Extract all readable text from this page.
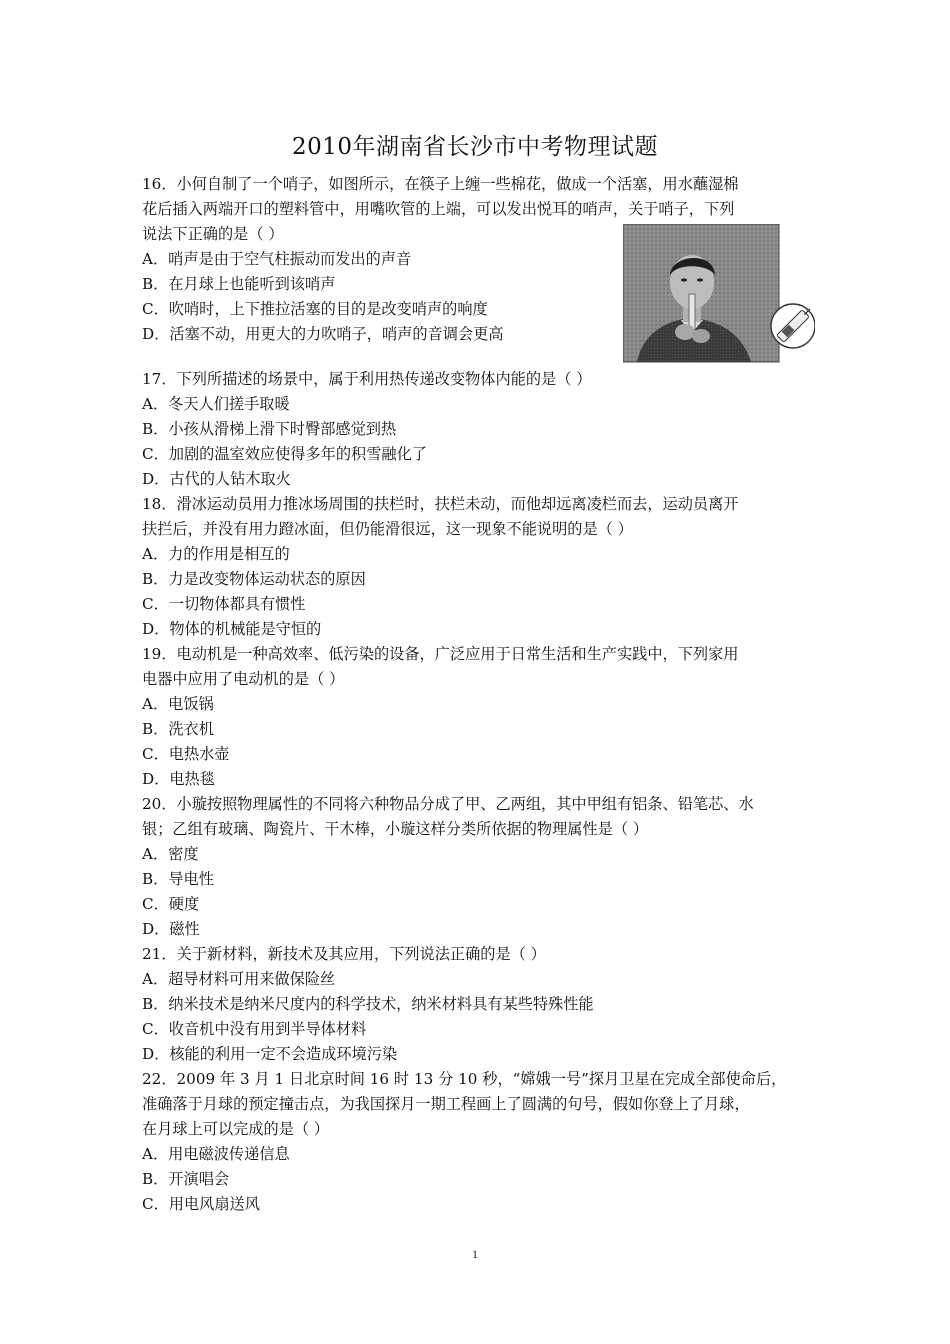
2010年湖南省长沙市中考物理试题

16．小何自制了一个哨子，如图所示，在筷子上缠一些棉花，做成一个活塞，用水蘸湿棉

花后插入两端开口的塑料管中，用嘴吹管的上端，可以发出悦耳的哨声，关于哨子，下列

说法下正确的是（ ）

A．哨声是由于空气柱振动而发出的声音

B．在月球上也能听到该哨声

C．吹哨时，上下推拉活塞的目的是改变哨声的响度

D．活塞不动，用更大的力吹哨子，哨声的音调会更高

17．下列所描述的场景中，属于利用热传递改变物体内能的是（ ）

A．冬天人们搓手取暖

B．小孩从滑梯上滑下时臀部感觉到热

C．加剧的温室效应使得多年的积雪融化了

D．古代的人钻木取火

18．滑冰运动员用力推冰场周围的扶栏时，扶栏未动，而他却远离凌栏而去，运动员离开

扶拦后，并没有用力蹬冰面，但仍能滑很远，这一现象不能说明的是（ ）

A．力的作用是相互的

B．力是改变物体运动状态的原因

C．一切物体都具有惯性

D．物体的机械能是守恒的

19．电动机是一种高效率、低污染的设备，广泛应用于日常生活和生产实践中，下列家用

电器中应用了电动机的是（ ）

A．电饭锅

B．洗衣机

C．电热水壶

D．电热毯

20．小璇按照物理属性的不同将六种物品分成了甲、乙两组，其中甲组有铝条、铅笔芯、水

银；乙组有玻璃、陶瓷片、干木棒，小璇这样分类所依据的物理属性是（ ）

A．密度

B．导电性

C．硬度

D．磁性

21．关于新材料，新技术及其应用，下列说法正确的是（ ）

A．超导材料可用来做保险丝

B．纳米技术是纳米尺度内的科学技术，纳米材料具有某些特殊性能

C．收音机中没有用到半导体材料

D．核能的利用一定不会造成环境污染

22．2009 年 3 月 1 日北京时间 16 时 13 分 10 秒，“嫦娥一号”探月卫星在完成全部使命后，

准确落于月球的预定撞击点，为我国探月一期工程画上了圆满的句号，假如你登上了月球，

在月球上可以完成的是（ ）

A．用电磁波传递信息

B．开演唱会

C．用电风扇送风

1
